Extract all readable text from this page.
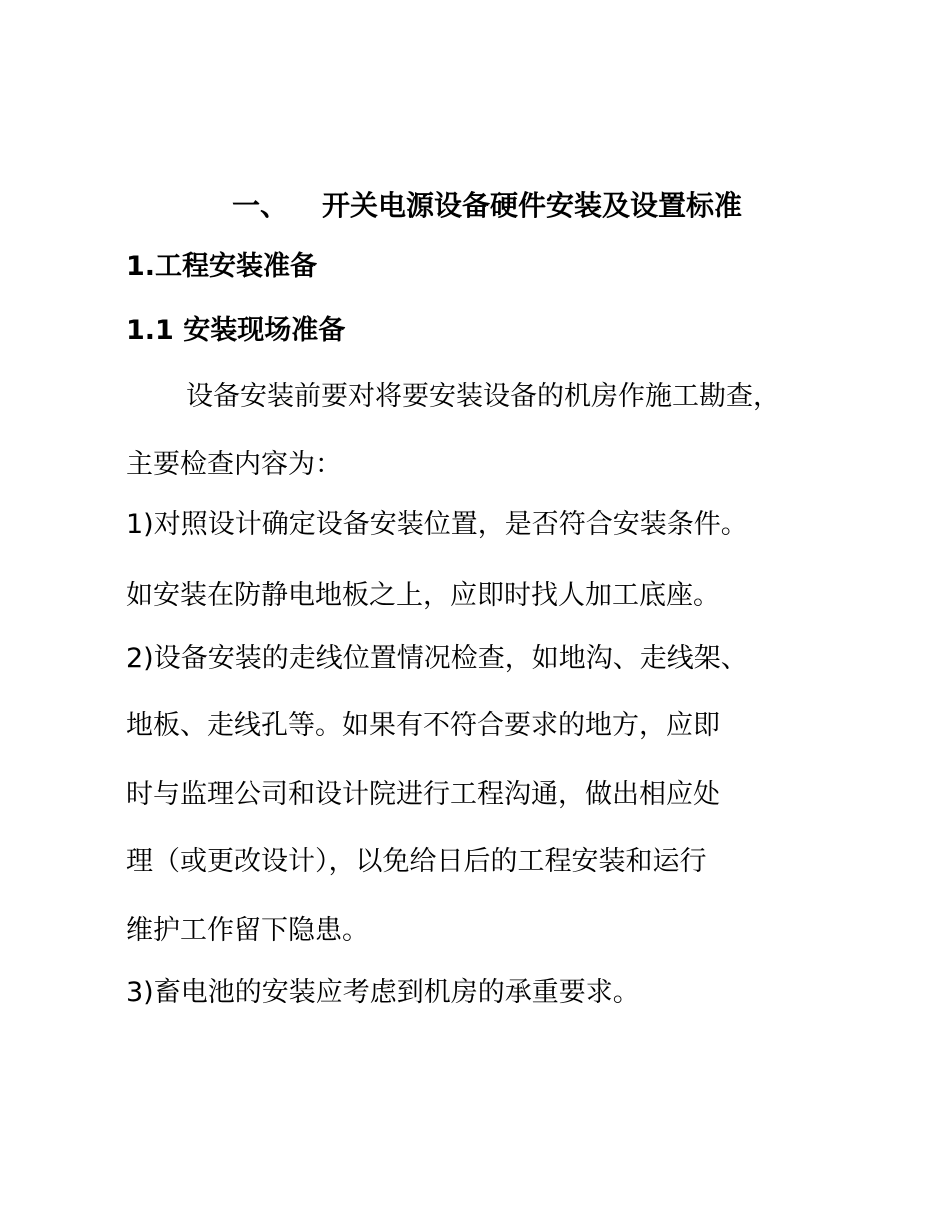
一、 开关电源设备硬件安装及设置标准
1.工程安装准备
1.1 安装现场准备
设备安装前要对将要安装设备的机房作施工勘查，
主要检查内容为：
1)对照设计确定设备安装位置，是否符合安装条件。
如安装在防静电地板之上，应即时找人加工底座。
2)设备安装的走线位置情况检查，如地沟、走线架、
地板、走线孔等。如果有不符合要求的地方，应即
时与监理公司和设计院进行工程沟通，做出相应处
理（或更改设计），以免给日后的工程安装和运行
维护工作留下隐患。
3)畜电池的安装应考虑到机房的承重要求。
